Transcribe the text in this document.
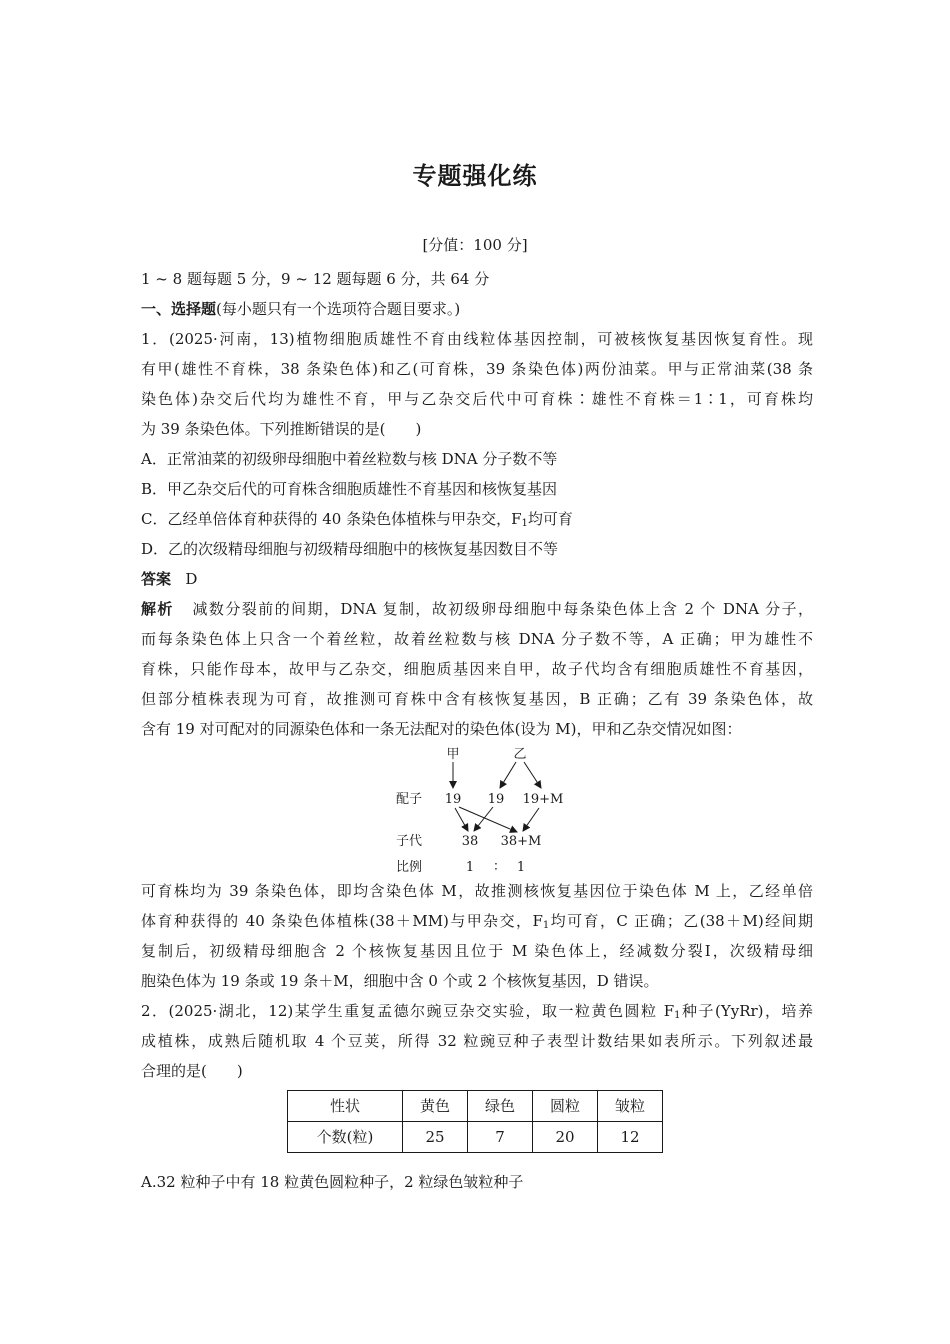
专题强化练
[分值：100 分]

1 ~ 8 题每题 5 分，9 ~ 12 题每题 6 分，共 64 分

一、选择题(每小题只有一个选项符合题目要求。)

1．(2025·河南，13)植物细胞质雄性不育由线粒体基因控制，可被核恢复基因恢复育性。现

有甲(雄性不育株，38 条染色体)和乙(可育株，39 条染色体)两份油菜。甲与正常油菜(38 条

染色体)杂交后代均为雄性不育，甲与乙杂交后代中可育株∶雄性不育株＝1∶1，可育株均

为 39 条染色体。下列推断错误的是(　　)

A．正常油菜的初级卵母细胞中着丝粒数与核 DNA 分子数不等

B．甲乙杂交后代的可育株含细胞质雄性不育基因和核恢复基因

C．乙经单倍体育种获得的 40 条染色体植株与甲杂交，$F_1$均可育

D．乙的次级精母细胞与初级精母细胞中的核恢复基因数目不等

答案 D

解析 减数分裂前的间期，DNA 复制，故初级卵母细胞中每条染色体上含 2 个 DNA 分子，

而每条染色体上只含一个着丝粒，故着丝粒数与核 DNA 分子数不等，A 正确；甲为雄性不

育株，只能作母本，故甲与乙杂交，细胞质基因来自甲，故子代均含有细胞质雄性不育基因，

但部分植株表现为可育，故推测可育株中含有核恢复基因，B 正确；乙有 39 条染色体，故

含有 19 对可配对的同源染色体和一条无法配对的染色体(设为 M)，甲和乙杂交情况如图：

甲	乙
配子 19 19 19+M
子代	38 38+M
比例	1 ∶ 1

可育株均为 39 条染色体，即均含染色体 M，故推测核恢复基因位于染色体 M 上，乙经单倍

体育种获得的 40 条染色体植株(38＋MM)与甲杂交，$F_1$均可育，C 正确；乙(38＋M)经间期

复制后，初级精母细胞含 2 个核恢复基因且位于 M 染色体上，经减数分裂Ⅰ，次级精母细

胞染色体为 19 条或 19 条＋M，细胞中含 0 个或 2 个核恢复基因，D 错误。

2．(2025·湖北，12)某学生重复孟德尔豌豆杂交实验，取一粒黄色圆粒 $F_1$种子(YyRr)，培养

成植株，成熟后随机取 4 个豆荚，所得 32 粒豌豆种子表型计数结果如表所示。下列叙述最

合理的是(　　)

性状	黄色	绿色	圆粒	皱粒
个数(粒)	25	7	20	12

A.32 粒种子中有 18 粒黄色圆粒种子，2 粒绿色皱粒种子
